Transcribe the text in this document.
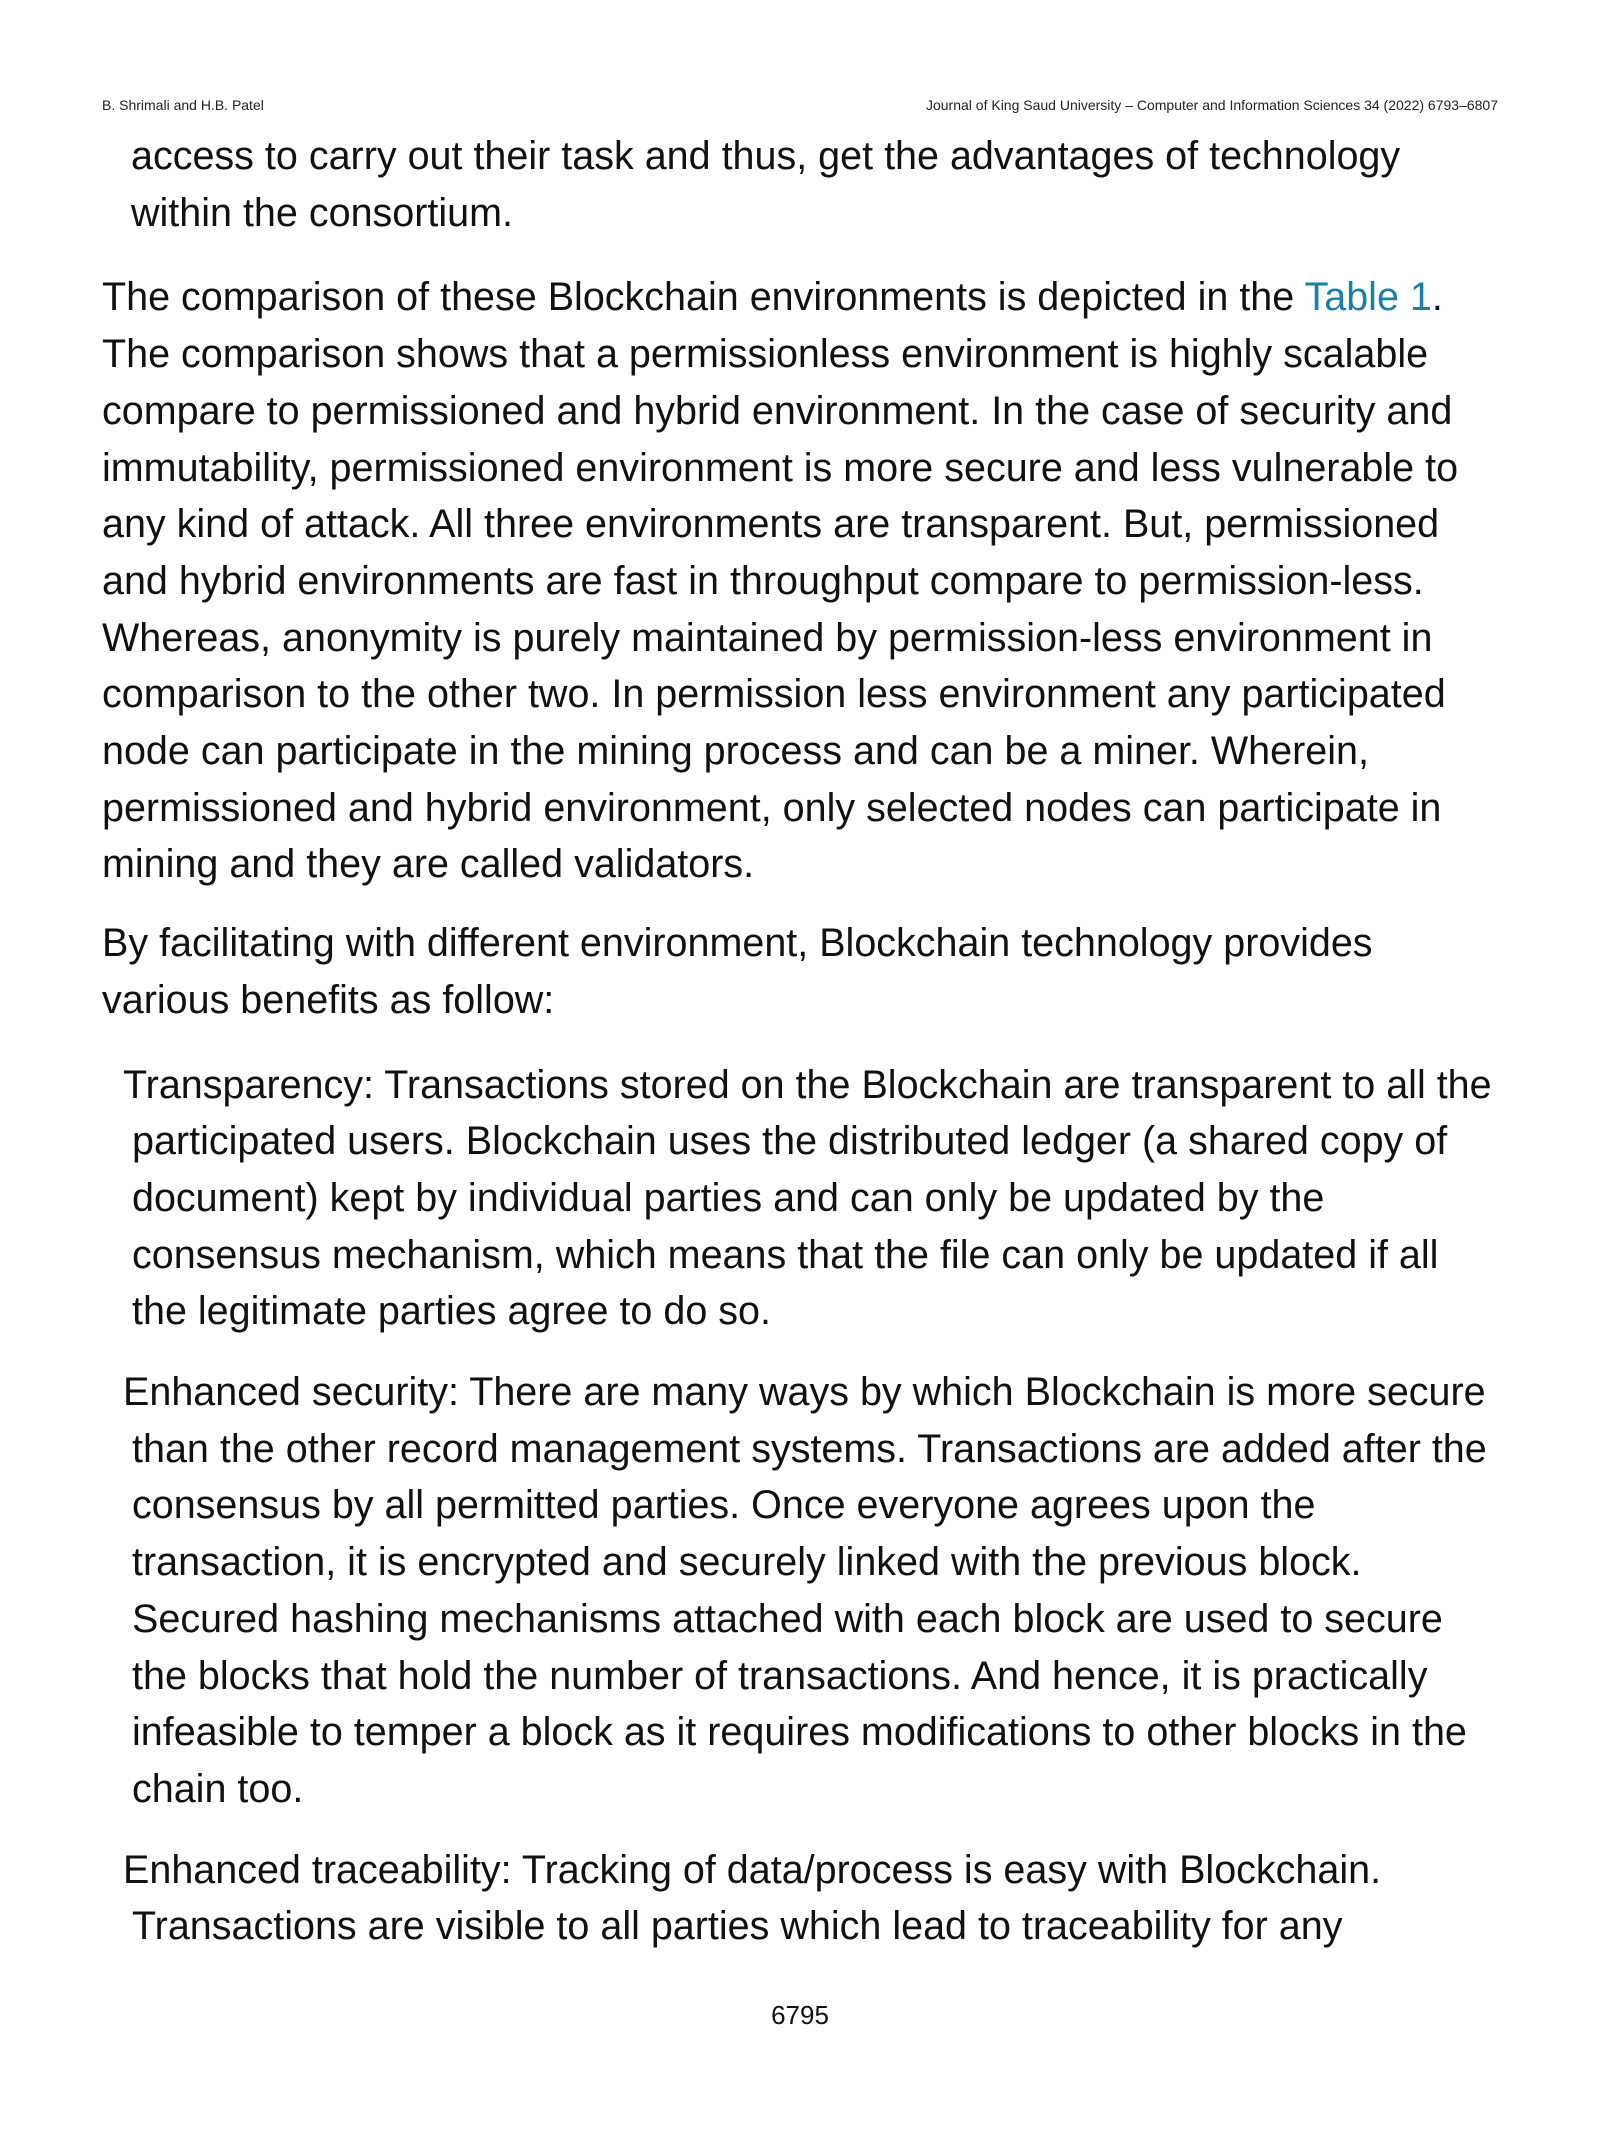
B. Shrimali and H.B. Patel	Journal of King Saud University – Computer and Information Sciences 34 (2022) 6793–6807

access to carry out their task and thus, get the advantages of technology within the consortium.

The comparison of these Blockchain environments is depicted in the Table 1. The comparison shows that a permissionless environment is highly scalable compare to permissioned and hybrid environment. In the case of security and immutability, permissioned environment is more secure and less vulnerable to any kind of attack. All three environments are transparent. But, permissioned and hybrid environments are fast in throughput compare to permission-less. Whereas, anonymity is purely maintained by permission-less environment in comparison to the other two. In permission less environment any participated node can participate in the mining process and can be a miner. Wherein, permissioned and hybrid environment, only selected nodes can participate in mining and they are called validators.

By facilitating with different environment, Blockchain technology provides various benefits as follow:

Transparency: Transactions stored on the Blockchain are transparent to all the participated users. Blockchain uses the distributed ledger (a shared copy of document) kept by individual parties and can only be updated by the consensus mechanism, which means that the file can only be updated if all the legitimate parties agree to do so.

Enhanced security: There are many ways by which Blockchain is more secure than the other record management systems. Transactions are added after the consensus by all permitted parties. Once everyone agrees upon the transaction, it is encrypted and securely linked with the previous block. Secured hashing mechanisms attached with each block are used to secure the blocks that hold the number of transactions. And hence, it is practically infeasible to temper a block as it requires modifications to other blocks in the chain too.

Enhanced traceability: Tracking of data/process is easy with Blockchain. Transactions are visible to all parties which lead to traceability for any

6795
